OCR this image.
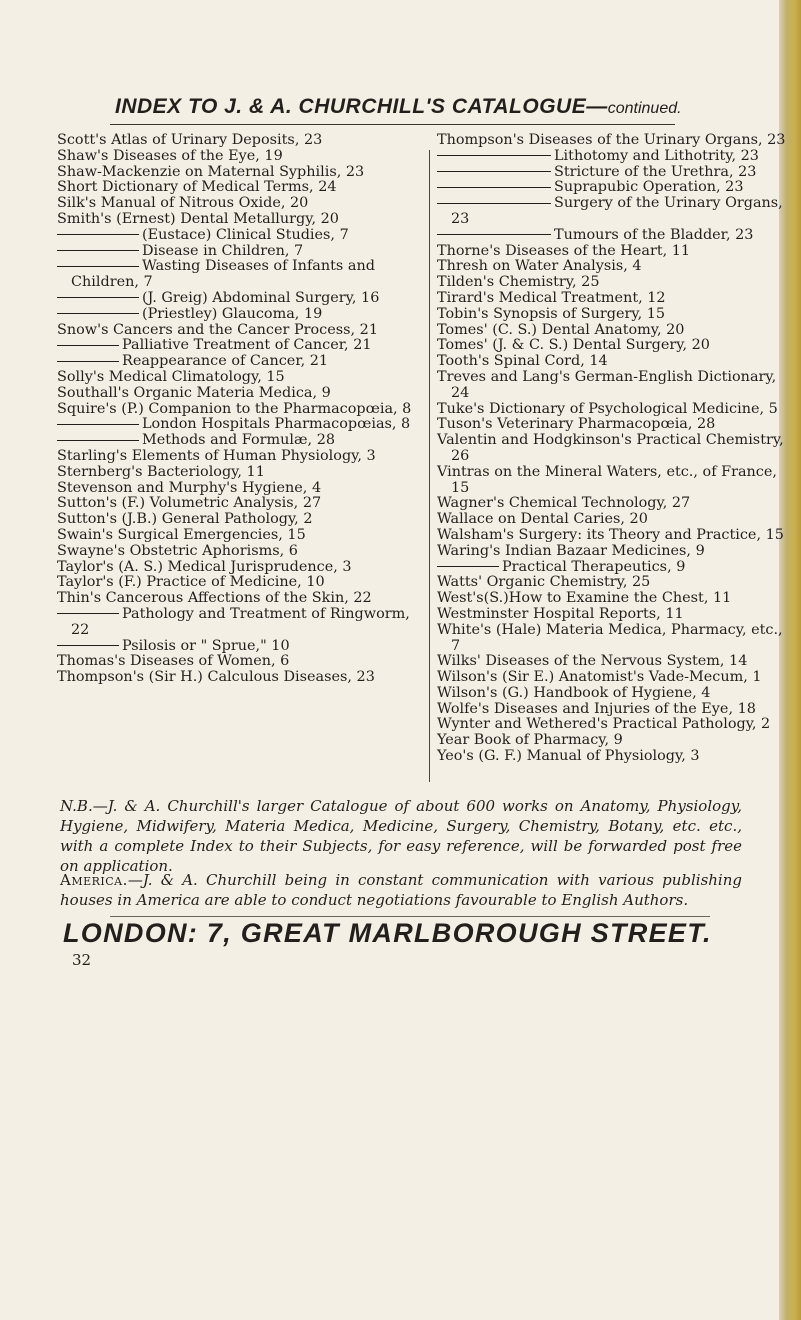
INDEX TO J. & A. CHURCHILL'S CATALOGUE—continued.
Scott's Atlas of Urinary Deposits, 23
Shaw's Diseases of the Eye, 19
Shaw-Mackenzie on Maternal Syphilis, 23
Short Dictionary of Medical Terms, 24
Silk's Manual of Nitrous Oxide, 20
Smith's (Ernest) Dental Metallurgy, 20
(Eustace) Clinical Studies, 7
Disease in Children, 7
Wasting Diseases of Infants and Children, 7
(J. Greig) Abdominal Surgery, 16
(Priestley) Glaucoma, 19
Snow's Cancers and the Cancer Process, 21
Palliative Treatment of Cancer, 21
Reappearance of Cancer, 21
Solly's Medical Climatology, 15
Southall's Organic Materia Medica, 9
Squire's (P.) Companion to the Pharmacopœia, 8
London Hospitals Pharmacopœias, 8
Methods and Formulæ, 28
Starling's Elements of Human Physiology, 3
Sternberg's Bacteriology, 11
Stevenson and Murphy's Hygiene, 4
Sutton's (F.) Volumetric Analysis, 27
Sutton's (J.B.) General Pathology, 2
Swain's Surgical Emergencies, 15
Swayne's Obstetric Aphorisms, 6
Taylor's (A. S.) Medical Jurisprudence, 3
Taylor's (F.) Practice of Medicine, 10
Thin's Cancerous Affections of the Skin, 22
Pathology and Treatment of Ringworm, 22
Psilosis or " Sprue," 10
Thomas's Diseases of Women, 6
Thompson's (Sir H.) Calculous Diseases, 23
Thompson's Diseases of the Urinary Organs, 23
Lithotomy and Lithotrity, 23
Stricture of the Urethra, 23
Suprapubic Operation, 23
Surgery of the Urinary Organs, 23
Tumours of the Bladder, 23
Thorne's Diseases of the Heart, 11
Thresh on Water Analysis, 4
Tilden's Chemistry, 25
Tirard's Medical Treatment, 12
Tobin's Synopsis of Surgery, 15
Tomes' (C. S.) Dental Anatomy, 20
Tomes' (J. & C. S.) Dental Surgery, 20
Tooth's Spinal Cord, 14
Treves and Lang's German-English Dictionary, 24
Tuke's Dictionary of Psychological Medicine, 5
Tuson's Veterinary Pharmacopœia, 28
Valentin and Hodgkinson's Practical Chemistry, 26
Vintras on the Mineral Waters, etc., of France, 15
Wagner's Chemical Technology, 27
Wallace on Dental Caries, 20
Walsham's Surgery: its Theory and Practice, 15
Waring's Indian Bazaar Medicines, 9
Practical Therapeutics, 9
Watts' Organic Chemistry, 25
West's(S.)How to Examine the Chest, 11
Westminster Hospital Reports, 11
White's (Hale) Materia Medica, Pharmacy, etc., 7
Wilks' Diseases of the Nervous System, 14
Wilson's (Sir E.) Anatomist's Vade-Mecum, 1
Wilson's (G.) Handbook of Hygiene, 4
Wolfe's Diseases and Injuries of the Eye, 18
Wynter and Wethered's Practical Pathology, 2
Year Book of Pharmacy, 9
Yeo's (G. F.) Manual of Physiology, 3
N.B.—J. & A. Churchill's larger Catalogue of about 600 works on Anatomy, Physiology, Hygiene, Midwifery, Materia Medica, Medicine, Surgery, Chemistry, Botany, etc. etc., with a complete Index to their Subjects, for easy reference, will be forwarded post free on application.
America.—J. & A. Churchill being in constant communication with various publishing houses in America are able to conduct negotiations favourable to English Authors.
LONDON: 7, GREAT MARLBOROUGH STREET.
32
